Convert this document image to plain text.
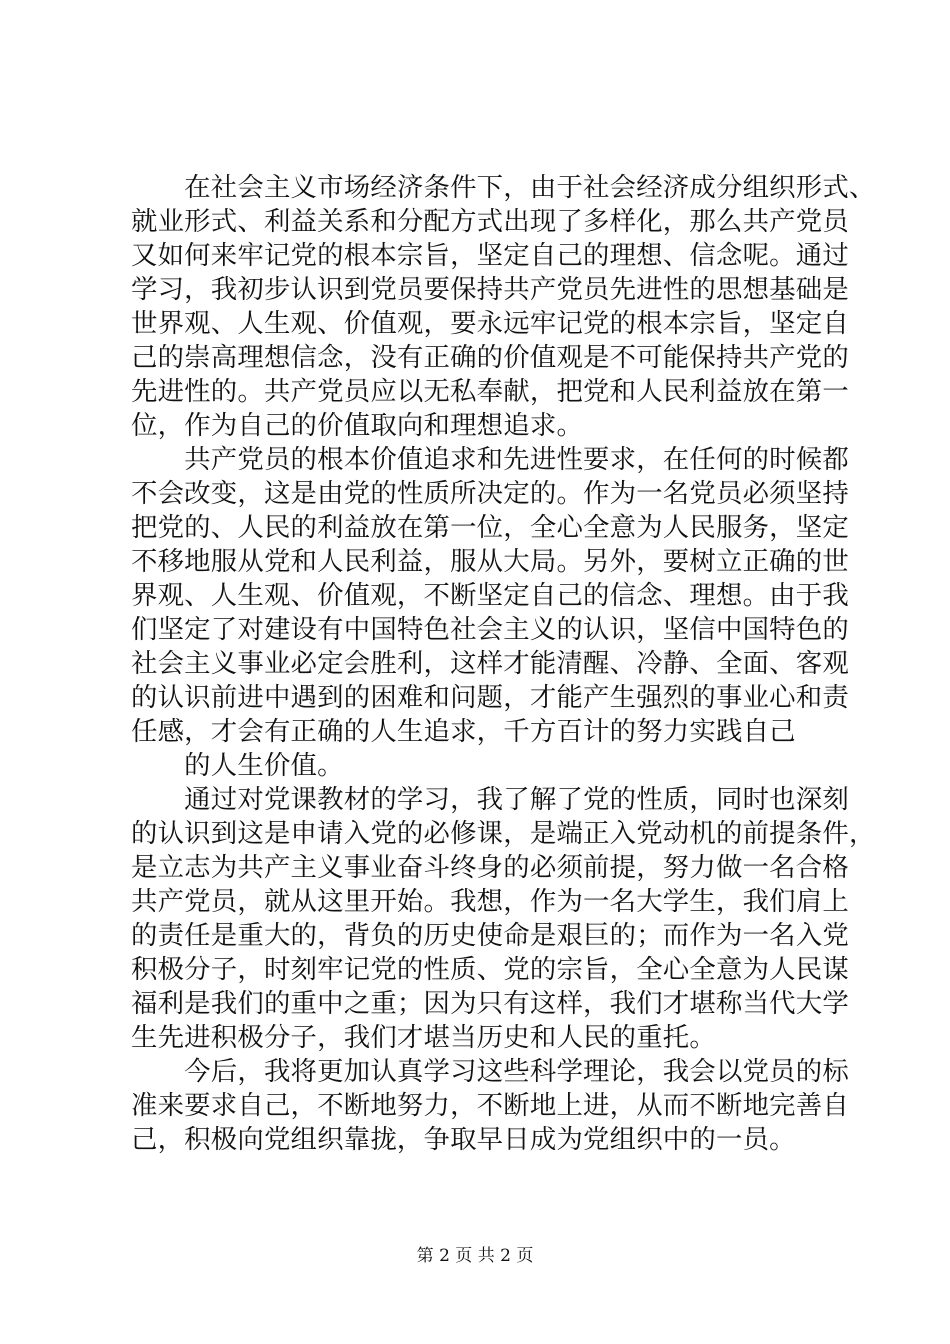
　　在社会主义市场经济条件下，由于社会经济成分组织形式、
就业形式、利益关系和分配方式出现了多样化，那么共产党员
又如何来牢记党的根本宗旨，坚定自己的理想、信念呢。通过
学习，我初步认识到党员要保持共产党员先进性的思想基础是
世界观、人生观、价值观，要永远牢记党的根本宗旨，坚定自
己的崇高理想信念，没有正确的价值观是不可能保持共产党的
先进性的。共产党员应以无私奉献，把党和人民利益放在第一
位，作为自己的价值取向和理想追求。
　　共产党员的根本价值追求和先进性要求，在任何的时候都
不会改变，这是由党的性质所决定的。作为一名党员必须坚持
把党的、人民的利益放在第一位，全心全意为人民服务，坚定
不移地服从党和人民利益，服从大局。另外，要树立正确的世
界观、人生观、价值观，不断坚定自己的信念、理想。由于我
们坚定了对建设有中国特色社会主义的认识，坚信中国特色的
社会主义事业必定会胜利，这样才能清醒、冷静、全面、客观
的认识前进中遇到的困难和问题，才能产生强烈的事业心和责
任感，才会有正确的人生追求，千方百计的努力实践自己
　　的人生价值。
　　通过对党课教材的学习，我了解了党的性质，同时也深刻
的认识到这是申请入党的必修课，是端正入党动机的前提条件，
是立志为共产主义事业奋斗终身的必须前提，努力做一名合格
共产党员，就从这里开始。我想，作为一名大学生，我们肩上
的责任是重大的，背负的历史使命是艰巨的；而作为一名入党
积极分子，时刻牢记党的性质、党的宗旨，全心全意为人民谋
福利是我们的重中之重；因为只有这样，我们才堪称当代大学
生先进积极分子，我们才堪当历史和人民的重托。
　　今后，我将更加认真学习这些科学理论，我会以党员的标
准来要求自己，不断地努力，不断地上进，从而不断地完善自
己，积极向党组织靠拢，争取早日成为党组织中的一员。
第 2 页 共 2 页
